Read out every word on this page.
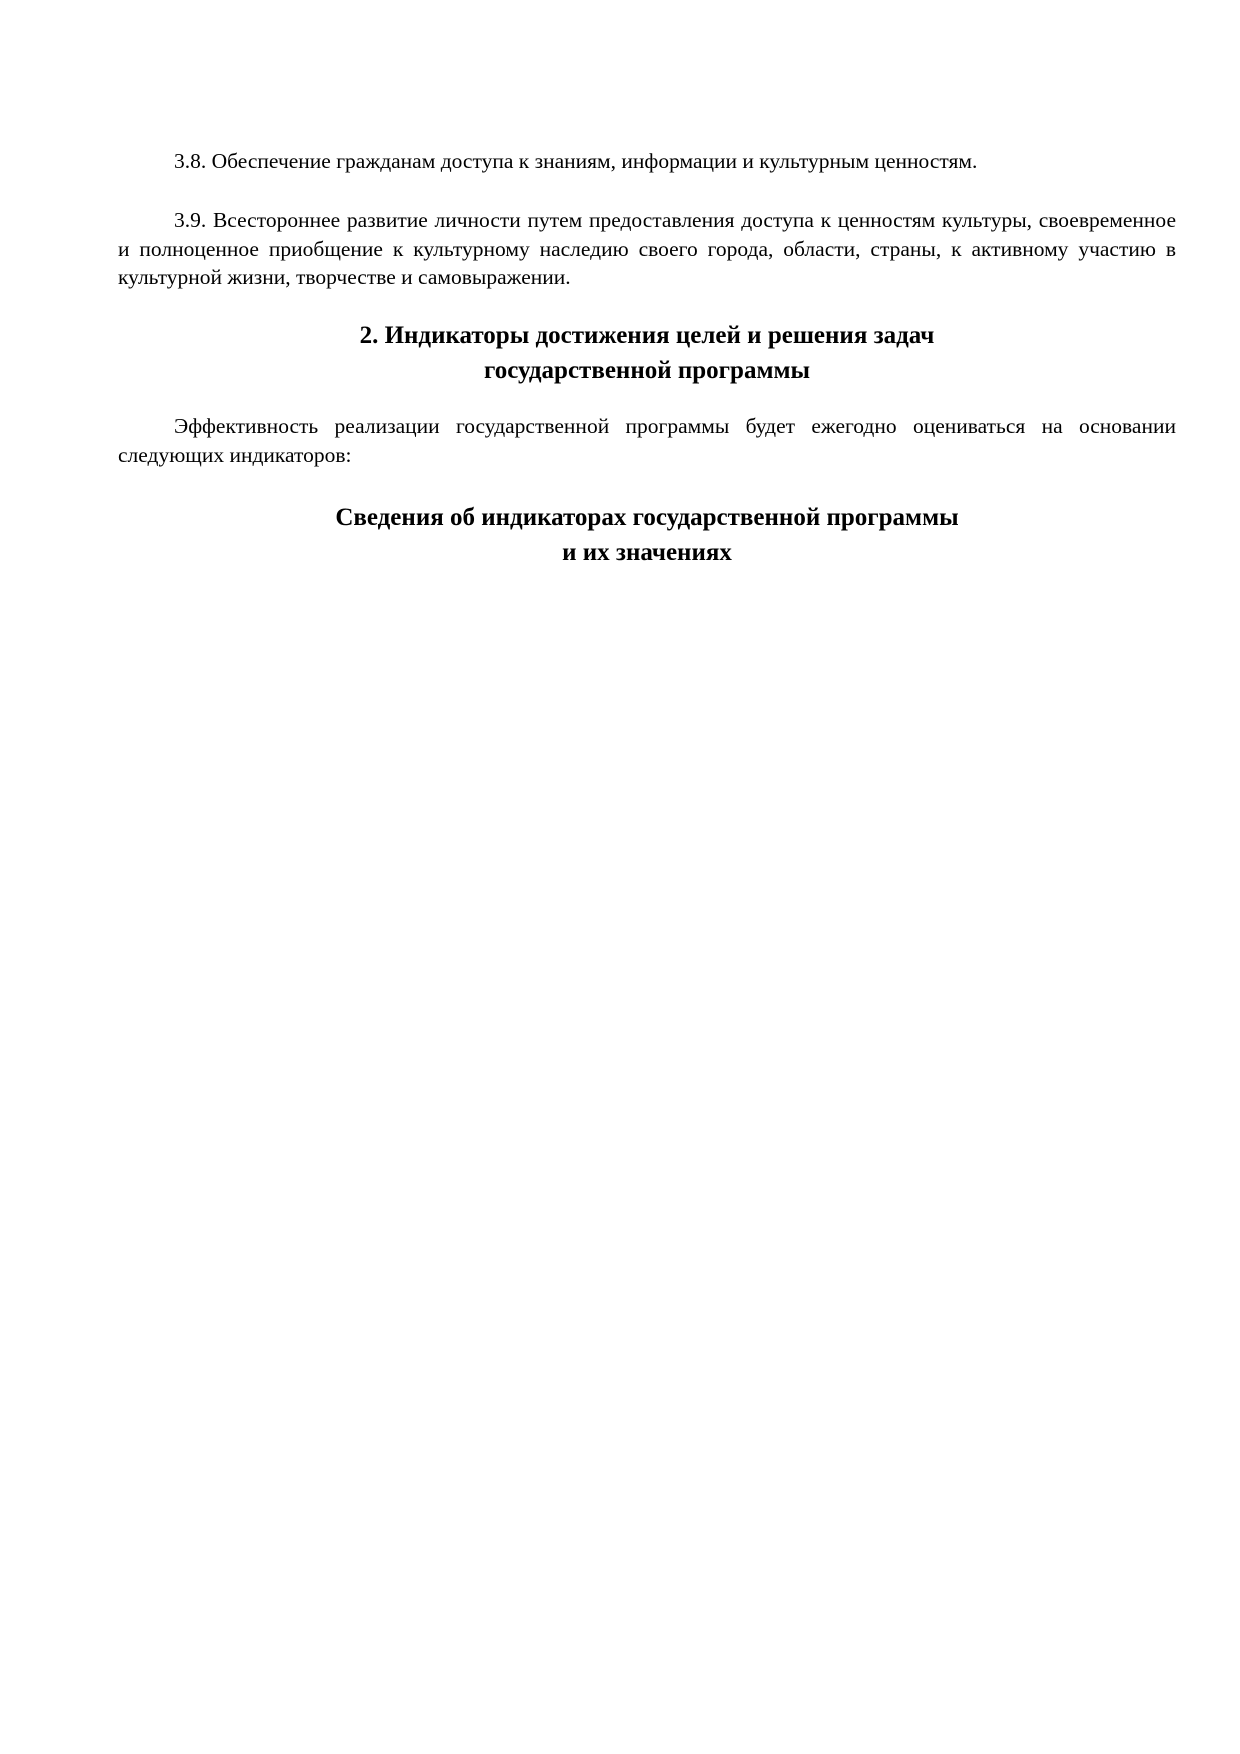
3.8. Обеспечение гражданам доступа к знаниям, информации и культурным ценностям.

3.9. Всестороннее развитие личности путем предоставления доступа к ценностям культуры, своевременное и полноценное приобщение к культурному наследию своего города, области, страны, к активному участию в культурной жизни, творчестве и самовыражении.

2. Индикаторы достижения целей и решения задач
государственной программы

Эффективность реализации государственной программы будет ежегодно оцениваться на основании следующих индикаторов:

Сведения об индикаторах государственной программы
и их значениях
